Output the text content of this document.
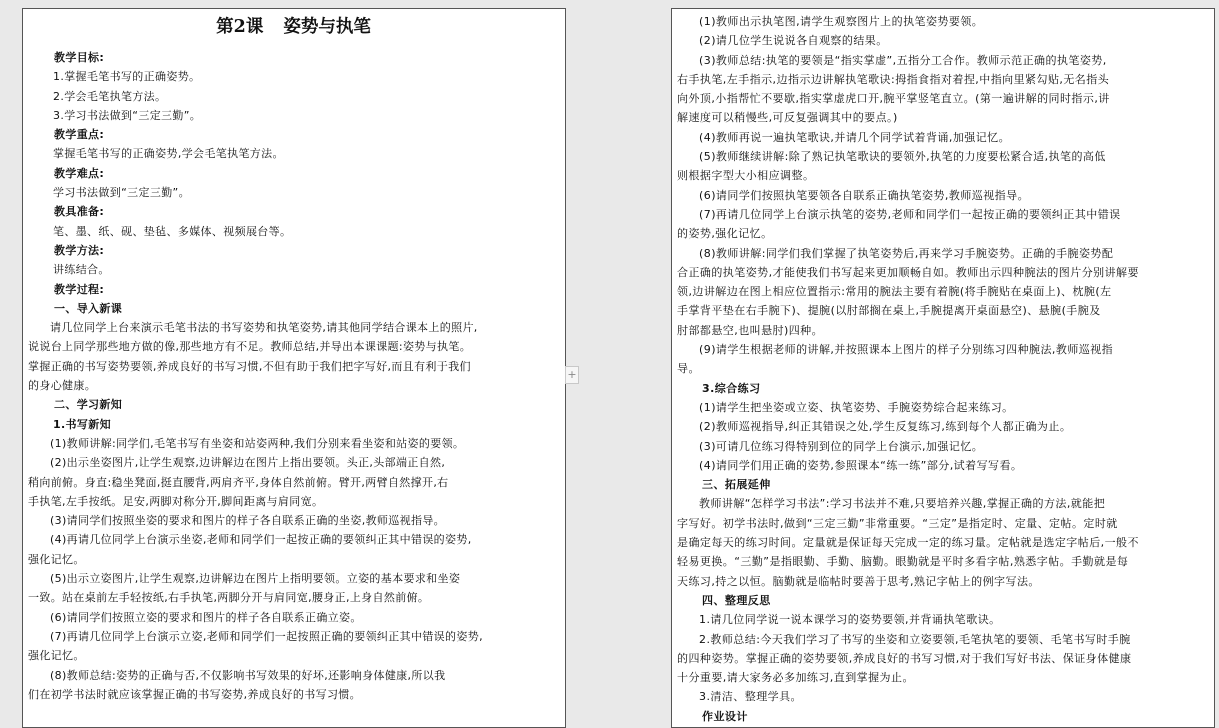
第2课 姿势与执笔
教学目标:
1.掌握毛笔书写的正确姿势。
2.学会毛笔执笔方法。
3.学习书法做到“三定三勤”。
教学重点:
掌握毛笔书写的正确姿势,学会毛笔执笔方法。
教学难点:
学习书法做到“三定三勤”。
教具准备:
笔、墨、纸、砚、垫毡、多媒体、视频展台等。
教学方法:
讲练结合。
教学过程:
一、导入新课
请几位同学上台来演示毛笔书法的书写姿势和执笔姿势,请其他同学结合课本上的照片,
说说台上同学那些地方做的像,那些地方有不足。教师总结,并导出本课课题:姿势与执笔。
掌握正确的书写姿势要领,养成良好的书写习惯,不但有助于我们把字写好,而且有利于我们
的身心健康。
二、学习新知
1.书写新知
(1)教师讲解:同学们,毛笔书写有坐姿和站姿两种,我们分别来看坐姿和站姿的要领。
(2)出示坐姿图片,让学生观察,边讲解边在图片上指出要领。头正,头部端正自然,
稍向前俯。身直:稳坐凳面,挺直腰背,两肩齐平,身体自然前俯。臂开,两臂自然撑开,右
手执笔,左手按纸。足安,两脚对称分开,脚间距离与肩同宽。
(3)请同学们按照坐姿的要求和图片的样子各自联系正确的坐姿,教师巡视指导。
(4)再请几位同学上台演示坐姿,老师和同学们一起按正确的要领纠正其中错误的姿势,
强化记忆。
(5)出示立姿图片,让学生观察,边讲解边在图片上指明要领。立姿的基本要求和坐姿
一致。站在桌前左手轻按纸,右手执笔,两脚分开与肩同宽,腰身正,上身自然前俯。
(6)请同学们按照立姿的要求和图片的样子各自联系正确立姿。
(7)再请几位同学上台演示立姿,老师和同学们一起按照正确的要领纠正其中错误的姿势,
强化记忆。
(8)教师总结:姿势的正确与否,不仅影响书写效果的好坏,还影响身体健康,所以我
们在初学书法时就应该掌握正确的书写姿势,养成良好的书写习惯。
+
(1)教师出示执笔图,请学生观察图片上的执笔姿势要领。
(2)请几位学生说说各自观察的结果。
(3)教师总结:执笔的要领是“指实掌虚”,五指分工合作。教师示范正确的执笔姿势,
右手执笔,左手指示,边指示边讲解执笔歌诀:拇指食指对着捏,中指向里紧勾贴,无名指头
向外顶,小指帮忙不要歇,指实掌虚虎口开,腕平掌竖笔直立。(第一遍讲解的同时指示,讲
解速度可以稍慢些,可反复强调其中的要点。)
(4)教师再说一遍执笔歌诀,并请几个同学试着背诵,加强记忆。
(5)教师继续讲解:除了熟记执笔歌诀的要领外,执笔的力度要松紧合适,执笔的高低
则根据字型大小相应调整。
(6)请同学们按照执笔要领各自联系正确执笔姿势,教师巡视指导。
(7)再请几位同学上台演示执笔的姿势,老师和同学们一起按正确的要领纠正其中错误
的姿势,强化记忆。
(8)教师讲解:同学们我们掌握了执笔姿势后,再来学习手腕姿势。正确的手腕姿势配
合正确的执笔姿势,才能使我们书写起来更加顺畅自如。教师出示四种腕法的图片分别讲解要
领,边讲解边在图上相应位置指示:常用的腕法主要有着腕(将手腕贴在桌面上)、枕腕(左
手掌背平垫在右手腕下)、提腕(以肘部搁在桌上,手腕提离开桌面悬空)、悬腕(手腕及
肘部都悬空,也叫悬肘)四种。
(9)请学生根据老师的讲解,并按照课本上图片的样子分别练习四种腕法,教师巡视指
导。
3.综合练习
(1)请学生把坐姿或立姿、执笔姿势、手腕姿势综合起来练习。
(2)教师巡视指导,纠正其错误之处,学生反复练习,练到每个人都正确为止。
(3)可请几位练习得特别到位的同学上台演示,加强记忆。
(4)请同学们用正确的姿势,参照课本“练一练”部分,试着写写看。
三、拓展延伸
教师讲解“怎样学习书法”:学习书法并不难,只要培养兴趣,掌握正确的方法,就能把
字写好。初学书法时,做到“三定三勤”非常重要。“三定”是指定时、定量、定帖。定时就
是确定每天的练习时间。定量就是保证每天完成一定的练习量。定帖就是选定字帖后,一般不
轻易更换。“三勤”是指眼勤、手勤、脑勤。眼勤就是平时多看字帖,熟悉字帖。手勤就是每
天练习,持之以恒。脑勤就是临帖时要善于思考,熟记字帖上的例字写法。
四、整理反思
1.请几位同学说一说本课学习的姿势要领,并背诵执笔歌诀。
2.教师总结:今天我们学习了书写的坐姿和立姿要领,毛笔执笔的要领、毛笔书写时手腕
的四种姿势。掌握正确的姿势要领,养成良好的书写习惯,对于我们写好书法、保证身体健康
十分重要,请大家务必多加练习,直到掌握为止。
3.清洁、整理学具。
作业设计
